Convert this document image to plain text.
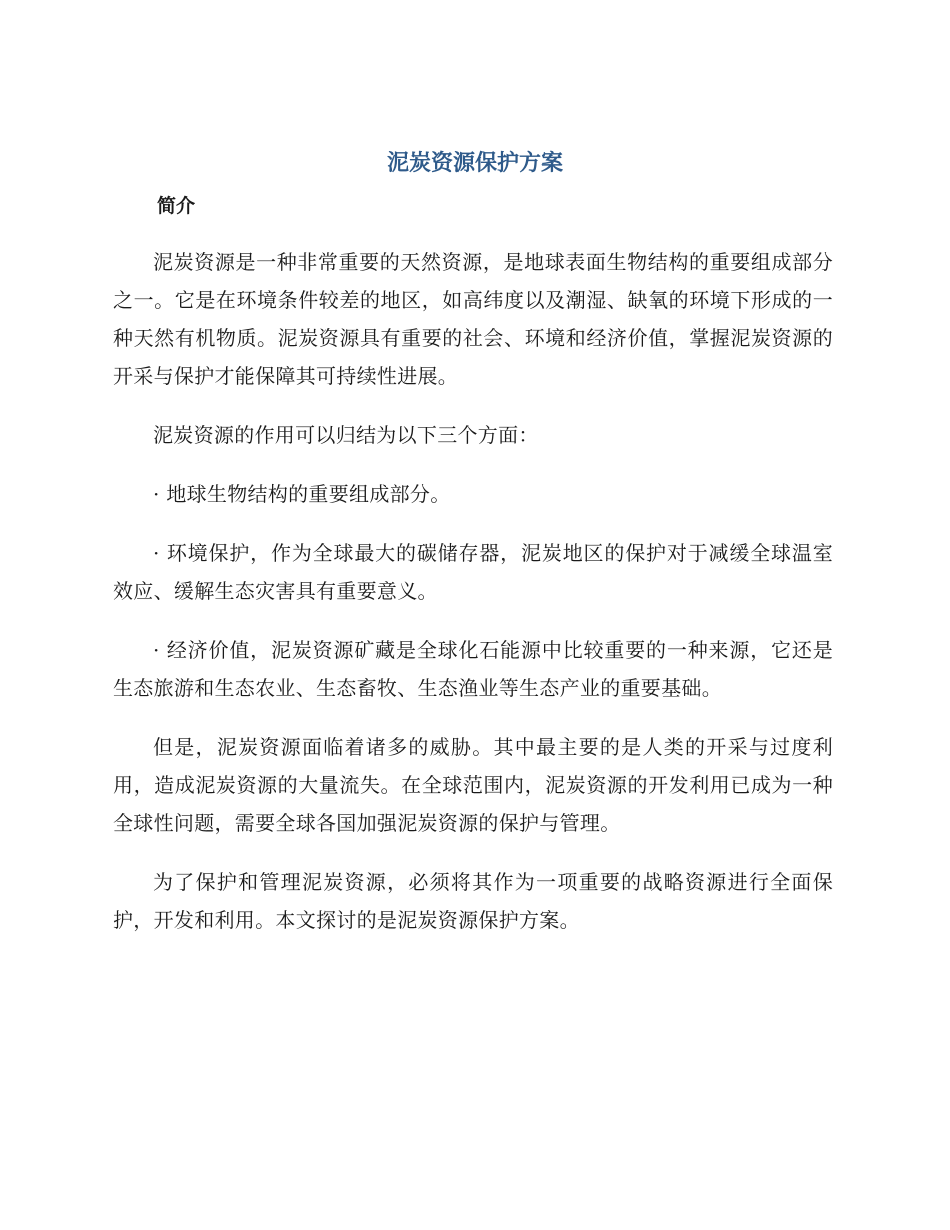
泥炭资源保护方案
简介

泥炭资源是一种非常重要的天然资源，是地球表面生物结构的重要组成部分之一。它是在环境条件较差的地区，如高纬度以及潮湿、缺氧的环境下形成的一种天然有机物质。泥炭资源具有重要的社会、环境和经济价值，掌握泥炭资源的开采与保护才能保障其可持续性进展。

泥炭资源的作用可以归结为以下三个方面：

· 地球生物结构的重要组成部分。

· 环境保护，作为全球最大的碳储存器，泥炭地区的保护对于减缓全球温室效应、缓解生态灾害具有重要意义。

· 经济价值，泥炭资源矿藏是全球化石能源中比较重要的一种来源，它还是生态旅游和生态农业、生态畜牧、生态渔业等生态产业的重要基础。

但是，泥炭资源面临着诸多的威胁。其中最主要的是人类的开采与过度利用，造成泥炭资源的大量流失。在全球范围内，泥炭资源的开发利用已成为一种全球性问题，需要全球各国加强泥炭资源的保护与管理。

为了保护和管理泥炭资源，必须将其作为一项重要的战略资源进行全面保护，开发和利用。本文探讨的是泥炭资源保护方案。
